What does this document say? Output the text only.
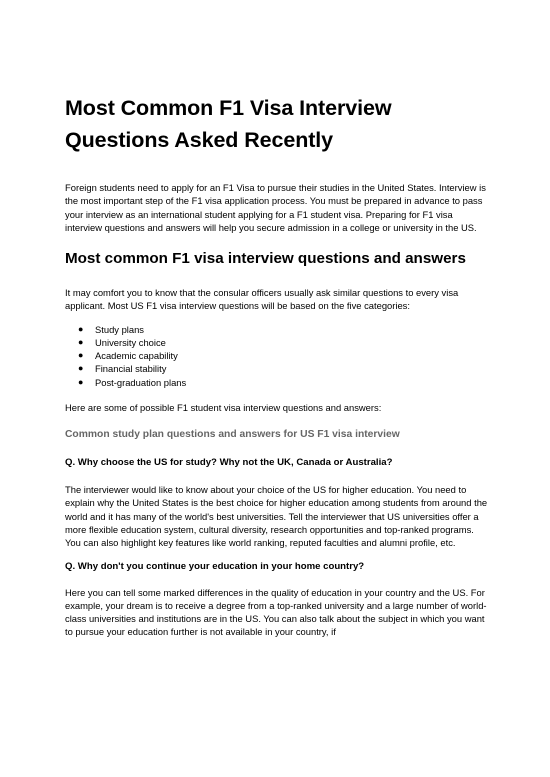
Most Common F1 Visa Interview Questions Asked Recently

Foreign students need to apply for an F1 Visa to pursue their studies in the United States. Interview is the most important step of the F1 visa application process. You must be prepared in advance to pass your interview as an international student applying for a F1 student visa. Preparing for F1 visa interview questions and answers will help you secure admission in a college or university in the US.

Most common F1 visa interview questions and answers

It may comfort you to know that the consular officers usually ask similar questions to every visa applicant. Most US F1 visa interview questions will be based on the five categories:

● Study plans
● University choice
● Academic capability
● Financial stability
● Post-graduation plans

Here are some of possible F1 student visa interview questions and answers:

Common study plan questions and answers for US F1 visa interview
Q. Why choose the US for study? Why not the UK, Canada or Australia?

The interviewer would like to know about your choice of the US for higher education. You need to explain why the United States is the best choice for higher education among students from around the world and it has many of the world's best universities. Tell the interviewer that US universities offer a more flexible education system, cultural diversity, research opportunities and top-ranked programs. You can also highlight key features like world ranking, reputed faculties and alumni profile, etc.

Q. Why don't you continue your education in your home country?

Here you can tell some marked differences in the quality of education in your country and the US. For example, your dream is to receive a degree from a top-ranked university and a large number of world-class universities and institutions are in the US. You can also talk about the subject in which you want to pursue your education further is not available in your country, if
